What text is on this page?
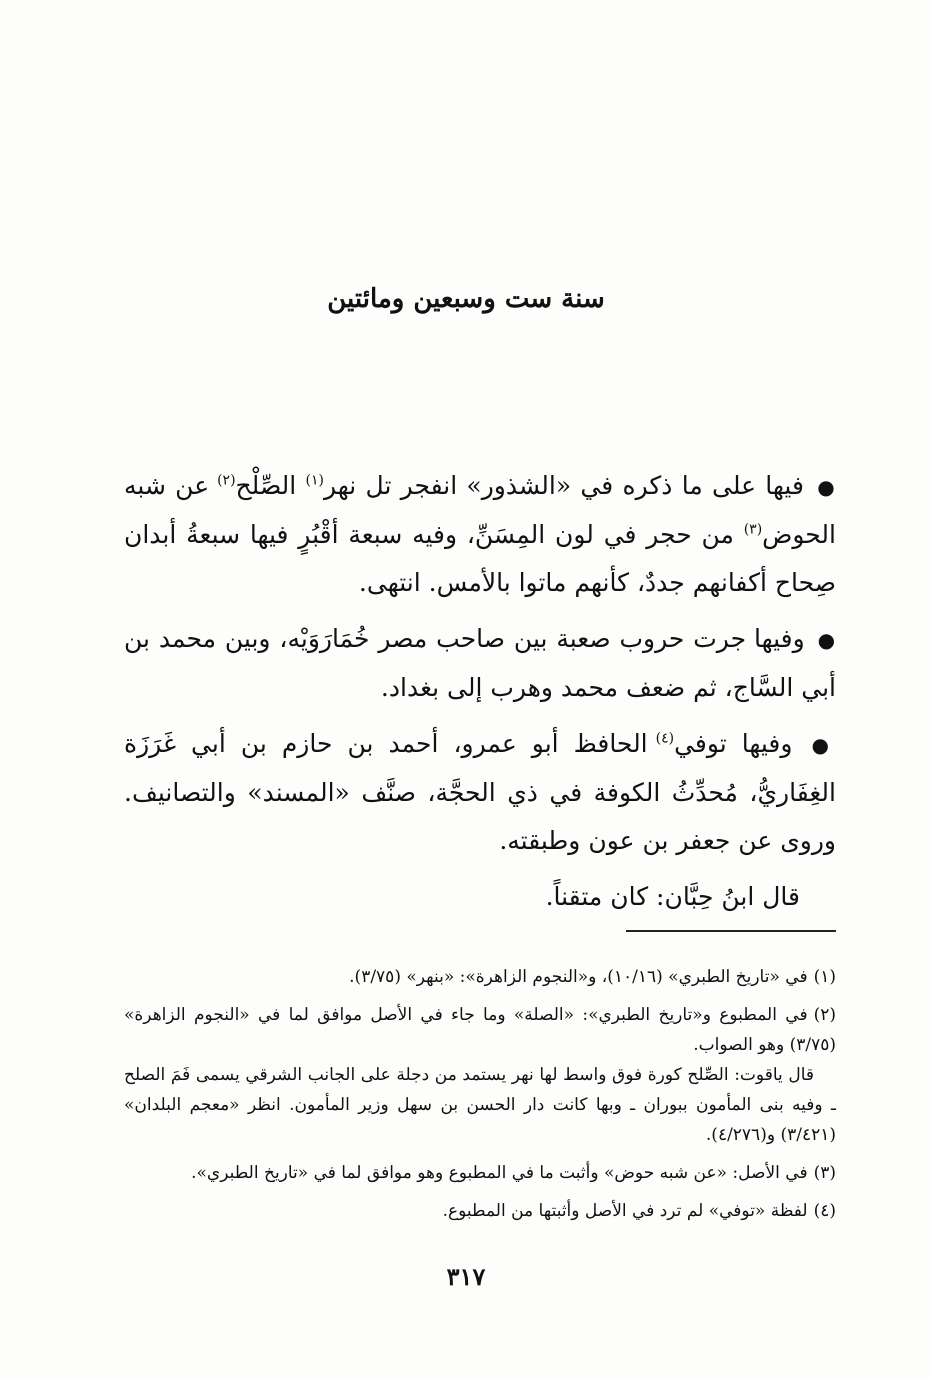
سنة ست وسبعين ومائتين

● فيها على ما ذكره في «الشذور» انفجر تل نهر$^{(١)}$ الصِّلْح$^{(٢)}$ عن شبه الحوض$^{(٣)}$ من حجر في لون المِسَنِّ، وفيه سبعة أقْبُرٍ فيها سبعةُ أبدان صِحاح أكفانهم جددٌ، كأنهم ماتوا بالأمس. انتهى.

● وفيها جرت حروب صعبة بين صاحب مصر خُمَارَوَيْه، وبين محمد بن أبي السَّاج، ثم ضعف محمد وهرب إلى بغداد.

● وفيها توفي$^{(٤)}$ الحافظ أبو عمرو، أحمد بن حازم بن أبي غَرَزَة الغِفَاريُّ، مُحدِّثُ الكوفة في ذي الحجَّة، صنَّف «المسند» والتصانيف. وروى عن جعفر بن عون وطبقته.

قال ابنُ حِبَّان: كان متقناً.

(١)في «تاريخ الطبري» (١٠/١٦)، و«النجوم الزاهرة»: «بنهر» (٣/٧٥).

(٢)في المطبوع و«تاريخ الطبري»: «الصلة» وما جاء في الأصل موافق لما في «النجوم الزاهرة» (٣/٧٥) وهو الصواب.
قال ياقوت: الصِّلح كورة فوق واسط لها نهر يستمد من دجلة على الجانب الشرقي يسمى فَمَ الصلح ـ وفيه بنى المأمون ببوران ـ وبها كانت دار الحسن بن سهل وزير المأمون. انظر «معجم البلدان» (٣/٤٢١) و(٤/٢٧٦).

(٣)في الأصل: «عن شبه حوض» وأثبت ما في المطبوع وهو موافق لما في «تاريخ الطبري».

(٤)لفظة «توفي» لم ترد في الأصل وأثبتها من المطبوع.

٣١٧
